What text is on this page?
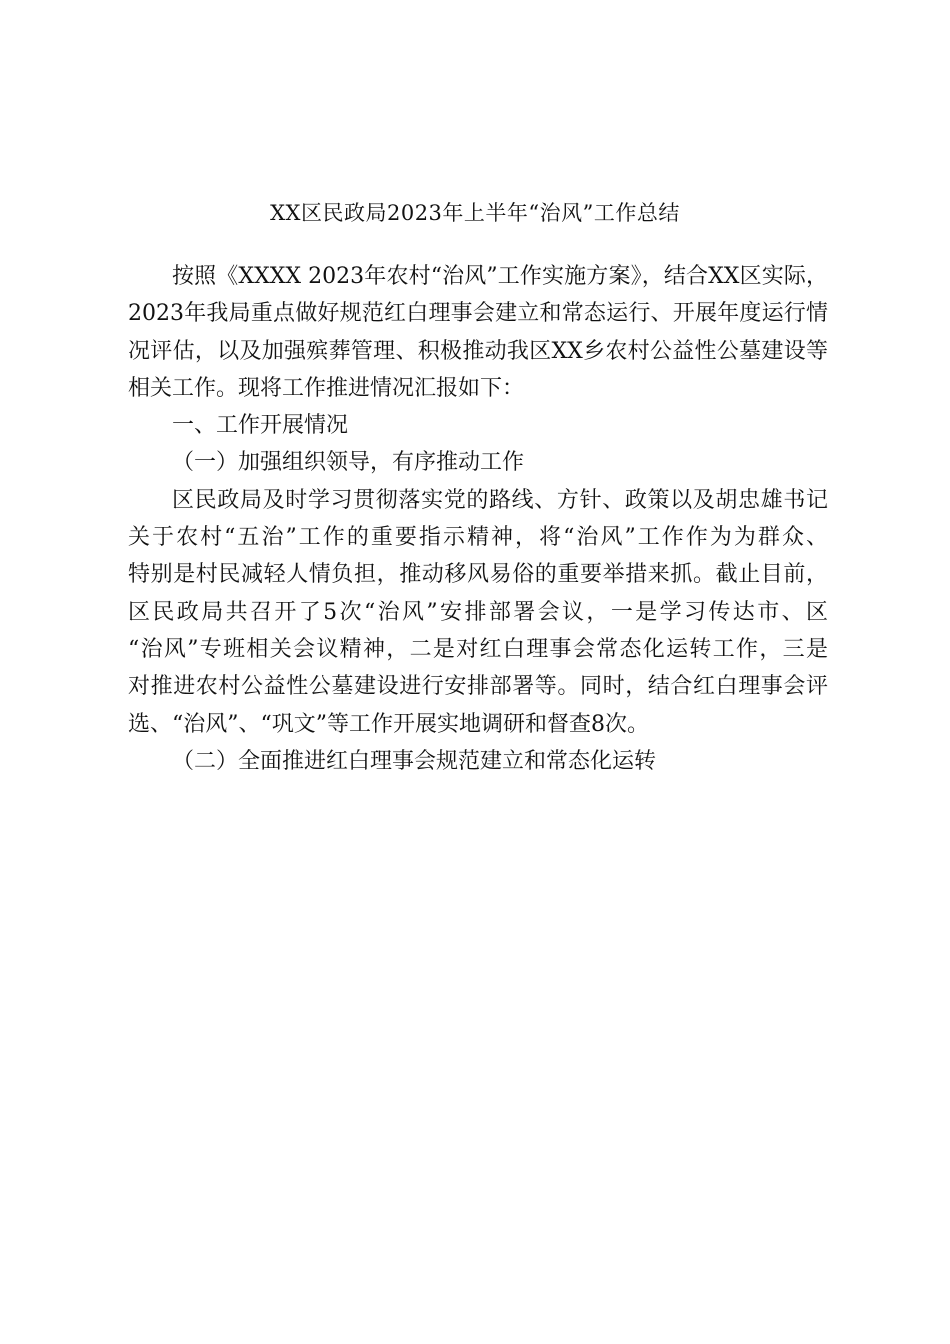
XX区民政局2023年上半年“治风”工作总结
按照《XXXX 2023年农村“治风”工作实施方案》，结合XX区实际，
2023年我局重点做好规范红白理事会建立和常态运行、开展年度运行情
况评估，以及加强殡葬管理、积极推动我区XX乡农村公益性公墓建设等
相关工作。现将工作推进情况汇报如下：
一、工作开展情况
（一）加强组织领导，有序推动工作
区民政局及时学习贯彻落实党的路线、方针、政策以及胡忠雄书记
关于农村“五治”工作的重要指示精神，将“治风”工作作为为群众、
特别是村民减轻人情负担，推动移风易俗的重要举措来抓。截止目前，
区民政局共召开了5次“治风”安排部署会议，一是学习传达市、区
“治风”专班相关会议精神，二是对红白理事会常态化运转工作，三是
对推进农村公益性公墓建设进行安排部署等。同时，结合红白理事会评
选、“治风”、“巩文”等工作开展实地调研和督查8次。
（二）全面推进红白理事会规范建立和常态化运转
